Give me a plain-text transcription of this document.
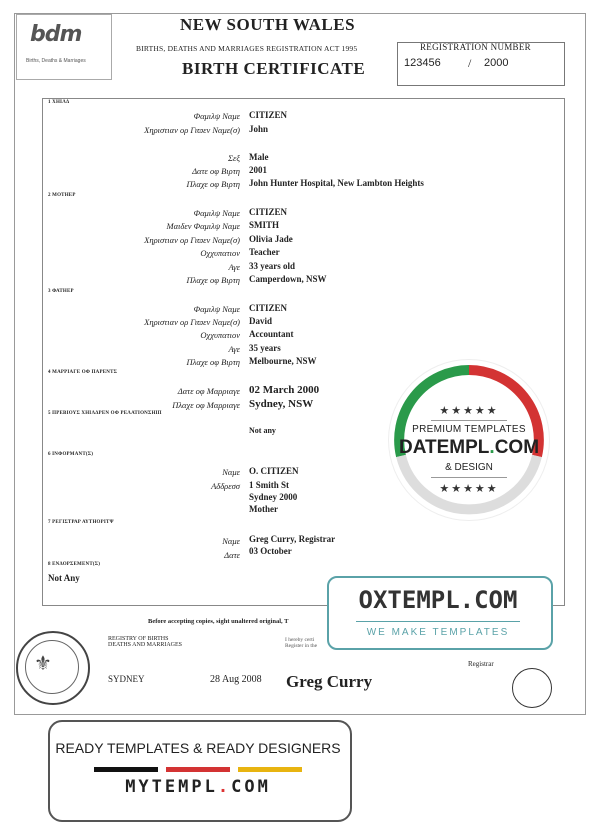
bdm
Births, Deaths & Marriages
NEW SOUTH WALES
BIRTHS, DEATHS AND MARRIAGES REGISTRATION ACT 1995
BIRTH CERTIFICATE
REGISTRATION NUMBER
123456 / 2000
1 ΧΗΙΛΔ
Φαμιλψ Ναμε CITIZEN
Χηριστιαν ορ Γιϖεν Ναμε(σ) John
Σεξ Male
Δατε οφ Βιρτη 2001
Πλαχε οφ Βιρτη John Hunter Hospital, New Lambton Heights
2 ΜΟΤΗΕΡ
Φαμιλψ Ναμε CITIZEN
Μαιδεν Φαμιλψ Ναμε SMITH
Χηριστιαν ορ Γιϖεν Ναμε(σ) Olivia Jade
Οχχυπατιον Teacher
Αγε 33 years old
Πλαχε οφ Βιρτη Camperdown, NSW
3 ΦΑΤΗΕΡ
Φαμιλψ Ναμε CITIZEN
Χηριστιαν ορ Γιϖεν Ναμε(σ) David
Οχχυπατιον Accountant
Αγε 35 years
Πλαχε οφ Βιρτη Melbourne, NSW
4 ΜΑΡΡΙΑΓΕ ΟΦ ΠΑΡΕΝΤΣ
Δατε οφ Μαρριαγε 02 March 2000
Πλαχε οφ Μαρριαγε Sydney, NSW
5 ΠΡΕΒΙΟΥΣ ΧΗΙΛΔΡΕΝ ΟΦ ΡΕΛΑΤΙΟΝΣΗΙΠ
Not any
6 ΙΝΦΟΡΜΑΝΤ(Σ)
Ναμε O. CITIZEN
Αδδρεσσ 1 Smith St
Sydney 2000
Mother
7 ΡΕΓΙΣΤΡΑΡ ΑΥΤΗΟΡΙΤΨ
Ναμε Greg Curry, Registrar
Δατε 03 October
8 ΕΝΔΟΡΣΕΜΕΝΤ(Σ)
Not Any
Before accepting copies, sight unaltered original, T
REGISTRY OF BIRTHS
DEATHS AND MARRIAGES
I hereby certi
Register in the
Registrar
SYDNEY	28 Aug 2008 Greg Curry
⚜
★★★★★
PREMIUM TEMPLATES
DATEMPL.COM
& DESIGN
★★★★★
OXTEMPL.COM
WE MAKE TEMPLATES
READY TEMPLATES & READY DESIGNERS
MYTEMPL.COM
